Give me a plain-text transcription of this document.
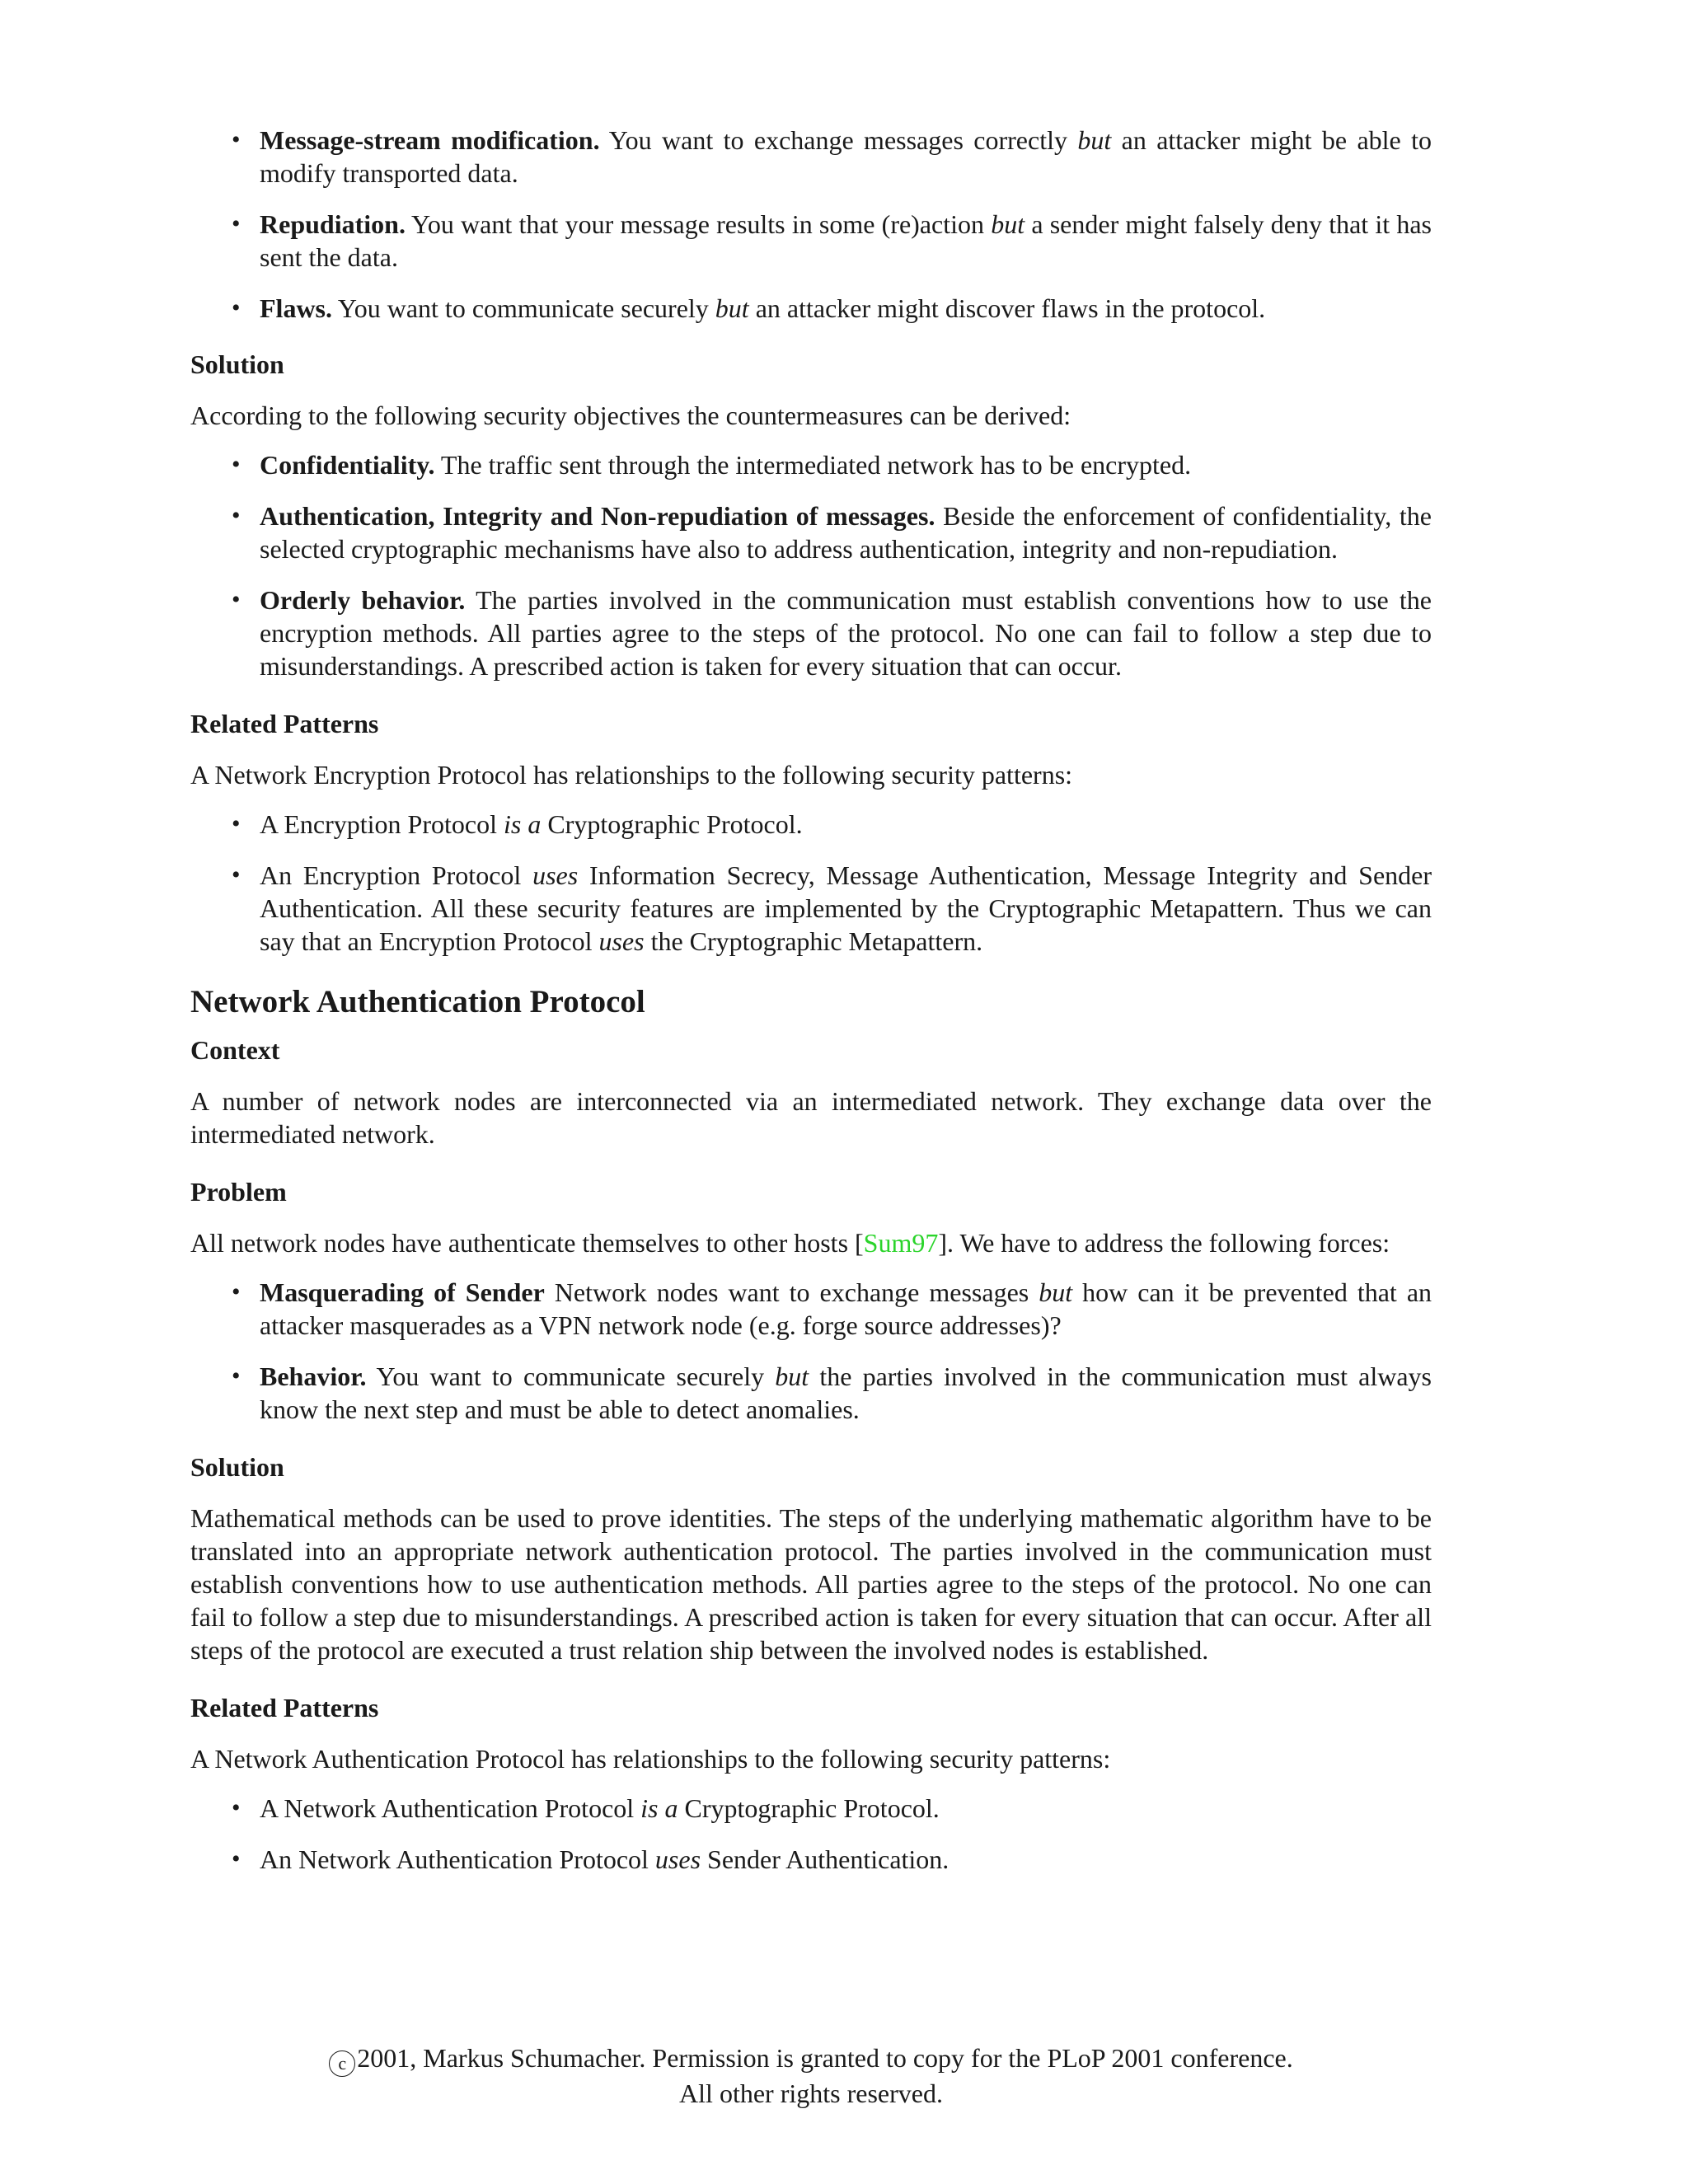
• Message-stream modification. You want to exchange messages correctly but an attacker might be able to modify transported data.
• Repudiation. You want that your message results in some (re)action but a sender might falsely deny that it has sent the data.
• Flaws. You want to communicate securely but an attacker might discover flaws in the protocol.
Solution

According to the following security objectives the countermeasures can be derived:

• Confidentiality. The traffic sent through the intermediated network has to be encrypted.
• Authentication, Integrity and Non-repudiation of messages. Beside the enforcement of confidentiality, the selected cryptographic mechanisms have also to address authentication, integrity and non-repudiation.
• Orderly behavior. The parties involved in the communication must establish conventions how to use the encryption methods. All parties agree to the steps of the protocol. No one can fail to follow a step due to misunderstandings. A prescribed action is taken for every situation that can occur.
Related Patterns

A Network Encryption Protocol has relationships to the following security patterns:

• A Encryption Protocol is a Cryptographic Protocol.
• An Encryption Protocol uses Information Secrecy, Message Authentication, Message Integrity and Sender Authentication. All these security features are implemented by the Cryptographic Metapattern. Thus we can say that an Encryption Protocol uses the Cryptographic Metapattern.
Network Authentication Protocol
Context

A number of network nodes are interconnected via an intermediated network. They exchange data over the intermediated network.

Problem

All network nodes have authenticate themselves to other hosts [Sum97]. We have to address the following forces:

• Masquerading of Sender Network nodes want to exchange messages but how can it be prevented that an attacker masquerades as a VPN network node (e.g. forge source addresses)?
• Behavior. You want to communicate securely but the parties involved in the communication must always know the next step and must be able to detect anomalies.
Solution

Mathematical methods can be used to prove identities. The steps of the underlying mathematic algorithm have to be translated into an appropriate network authentication protocol. The parties involved in the communication must establish conventions how to use authentication methods. All parties agree to the steps of the protocol. No one can fail to follow a step due to misunderstandings. A prescribed action is taken for every situation that can occur. After all steps of the protocol are executed a trust relation ship between the involved nodes is established.

Related Patterns

A Network Authentication Protocol has relationships to the following security patterns:

• A Network Authentication Protocol is a Cryptographic Protocol.
• An Network Authentication Protocol uses Sender Authentication.
c 2001, Markus Schumacher. Permission is granted to copy for the PLoP 2001 conference.
All other rights reserved.
